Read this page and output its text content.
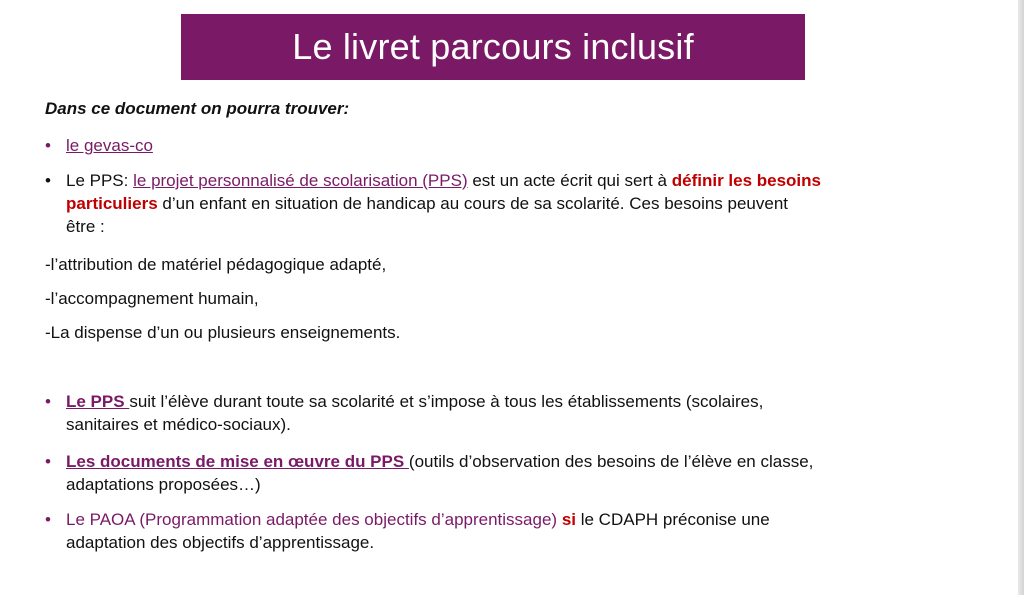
Le livret parcours inclusif
Dans ce document on pourra trouver:
• le gevas-co
• Le PPS: le projet personnalisé de scolarisation (PPS) est un acte écrit qui sert à définir les besoins
particuliers d’un enfant en situation de handicap au cours de sa scolarité. Ces besoins peuvent
être :
-l’attribution de matériel pédagogique adapté,
-l’accompagnement humain,
-La dispense d’un ou plusieurs enseignements.
• Le PPS suit l’élève durant toute sa scolarité et s’impose à tous les établissements (scolaires,
sanitaires et médico-sociaux).
• Les documents de mise en œuvre du PPS (outils d’observation des besoins de l’élève en classe,
adaptations proposées…)
• Le PAOA (Programmation adaptée des objectifs d’apprentissage) si le CDAPH préconise une
adaptation des objectifs d’apprentissage.
